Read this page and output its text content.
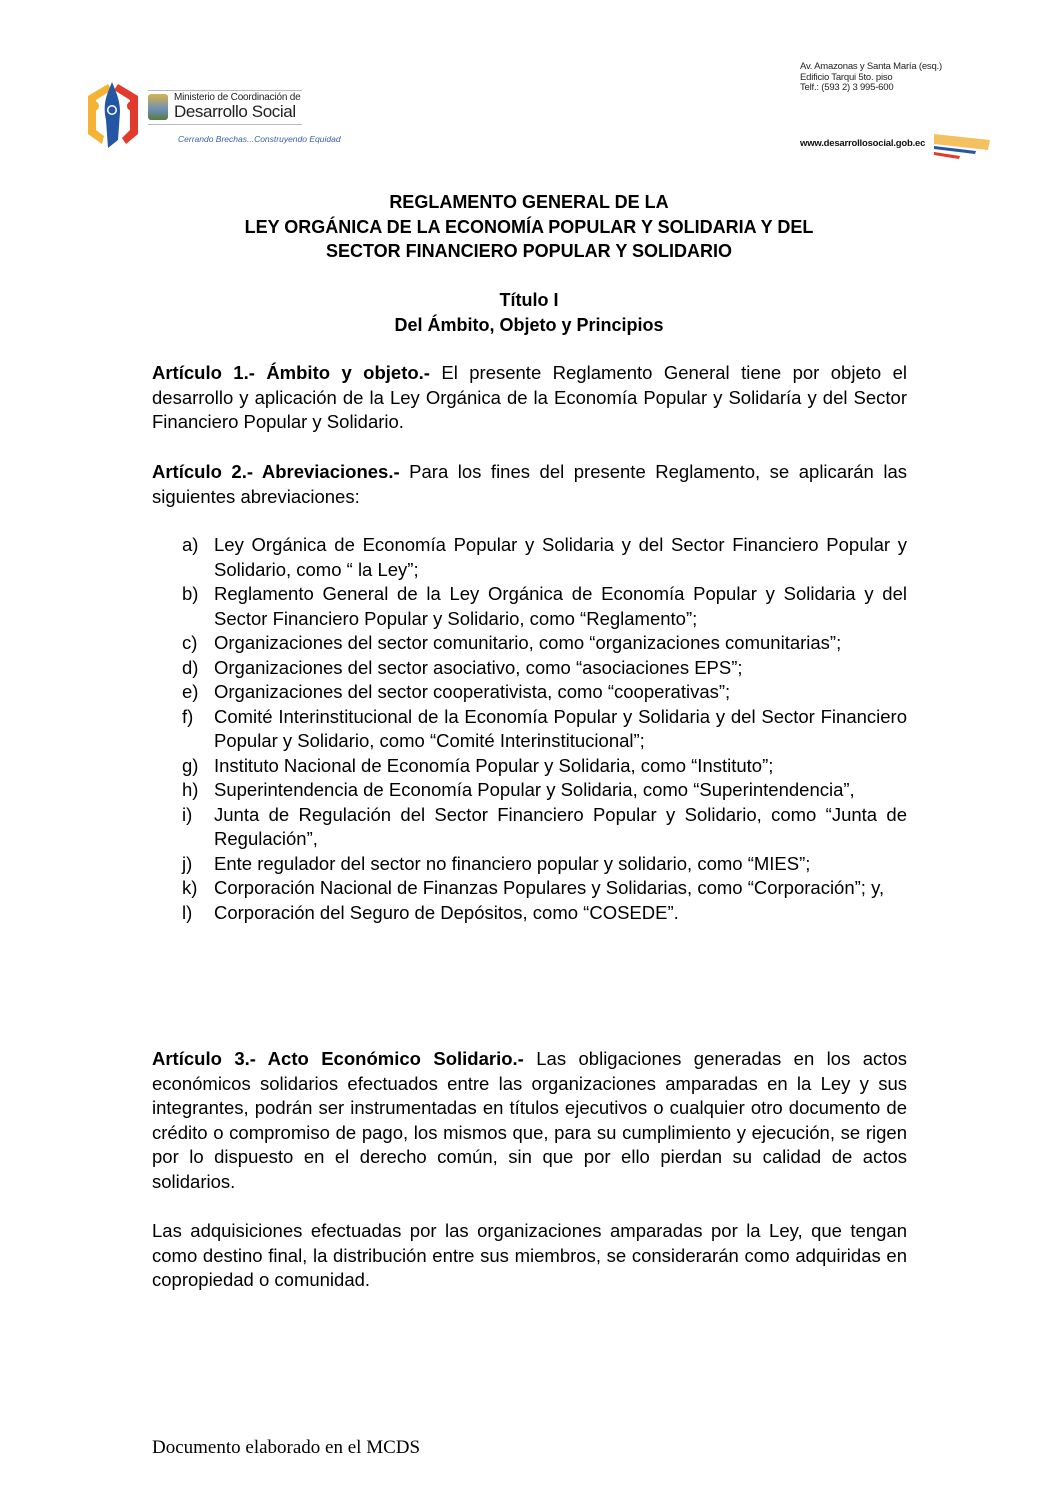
Ministerio de Coordinación de
Desarrollo Social
Cerrando Brechas...Construyendo Equidad
Av. Amazonas y Santa María (esq.)
Edificio Tarqui 5to. piso
Telf.: (593 2) 3 995-600
www.desarrollosocial.gob.ec
REGLAMENTO GENERAL DE LA
LEY ORGÁNICA DE LA ECONOMÍA POPULAR Y SOLIDARIA Y DEL
SECTOR FINANCIERO POPULAR Y SOLIDARIO
Título I
Del Ámbito, Objeto y Principios
Artículo 1.- Ámbito y objeto.- El presente Reglamento General tiene por objeto el desarrollo y aplicación de la Ley Orgánica de la Economía Popular y Solidaría y del Sector Financiero Popular y Solidario.
Artículo 2.- Abreviaciones.- Para los fines del presente Reglamento, se aplicarán las siguientes abreviaciones:
a) Ley Orgánica de Economía Popular y Solidaria y del Sector Financiero Popular y Solidario, como “ la Ley”;
b) Reglamento General de la Ley Orgánica de Economía Popular y Solidaria y del Sector Financiero Popular y Solidario, como “Reglamento”;
c) Organizaciones del sector comunitario, como “organizaciones comunitarias”;
d) Organizaciones del sector asociativo, como “asociaciones EPS”;
e) Organizaciones del sector cooperativista, como “cooperativas”;
f) Comité Interinstitucional de la Economía Popular y Solidaria y del Sector Financiero Popular y Solidario, como “Comité Interinstitucional”;
g) Instituto Nacional de Economía Popular y Solidaria, como “Instituto”;
h) Superintendencia de Economía Popular y Solidaria, como “Superintendencia”,
i) Junta de Regulación del Sector Financiero Popular y Solidario, como “Junta de Regulación”,
j) Ente regulador del sector no financiero popular y solidario, como “MIES”;
k) Corporación Nacional de Finanzas Populares y Solidarias, como “Corporación”; y,
l) Corporación del Seguro de Depósitos, como “COSEDE”.
Artículo 3.- Acto Económico Solidario.- Las obligaciones generadas en los actos económicos solidarios efectuados entre las organizaciones amparadas en la Ley y sus integrantes, podrán ser instrumentadas en títulos ejecutivos o cualquier otro documento de crédito o compromiso de pago, los mismos que, para su cumplimiento y ejecución, se rigen por lo dispuesto en el derecho común, sin que por ello pierdan su calidad de actos solidarios.
Las adquisiciones efectuadas por las organizaciones amparadas por la Ley, que tengan como destino final, la distribución entre sus miembros, se considerarán como adquiridas en copropiedad o comunidad.
Documento elaborado en el MCDS
